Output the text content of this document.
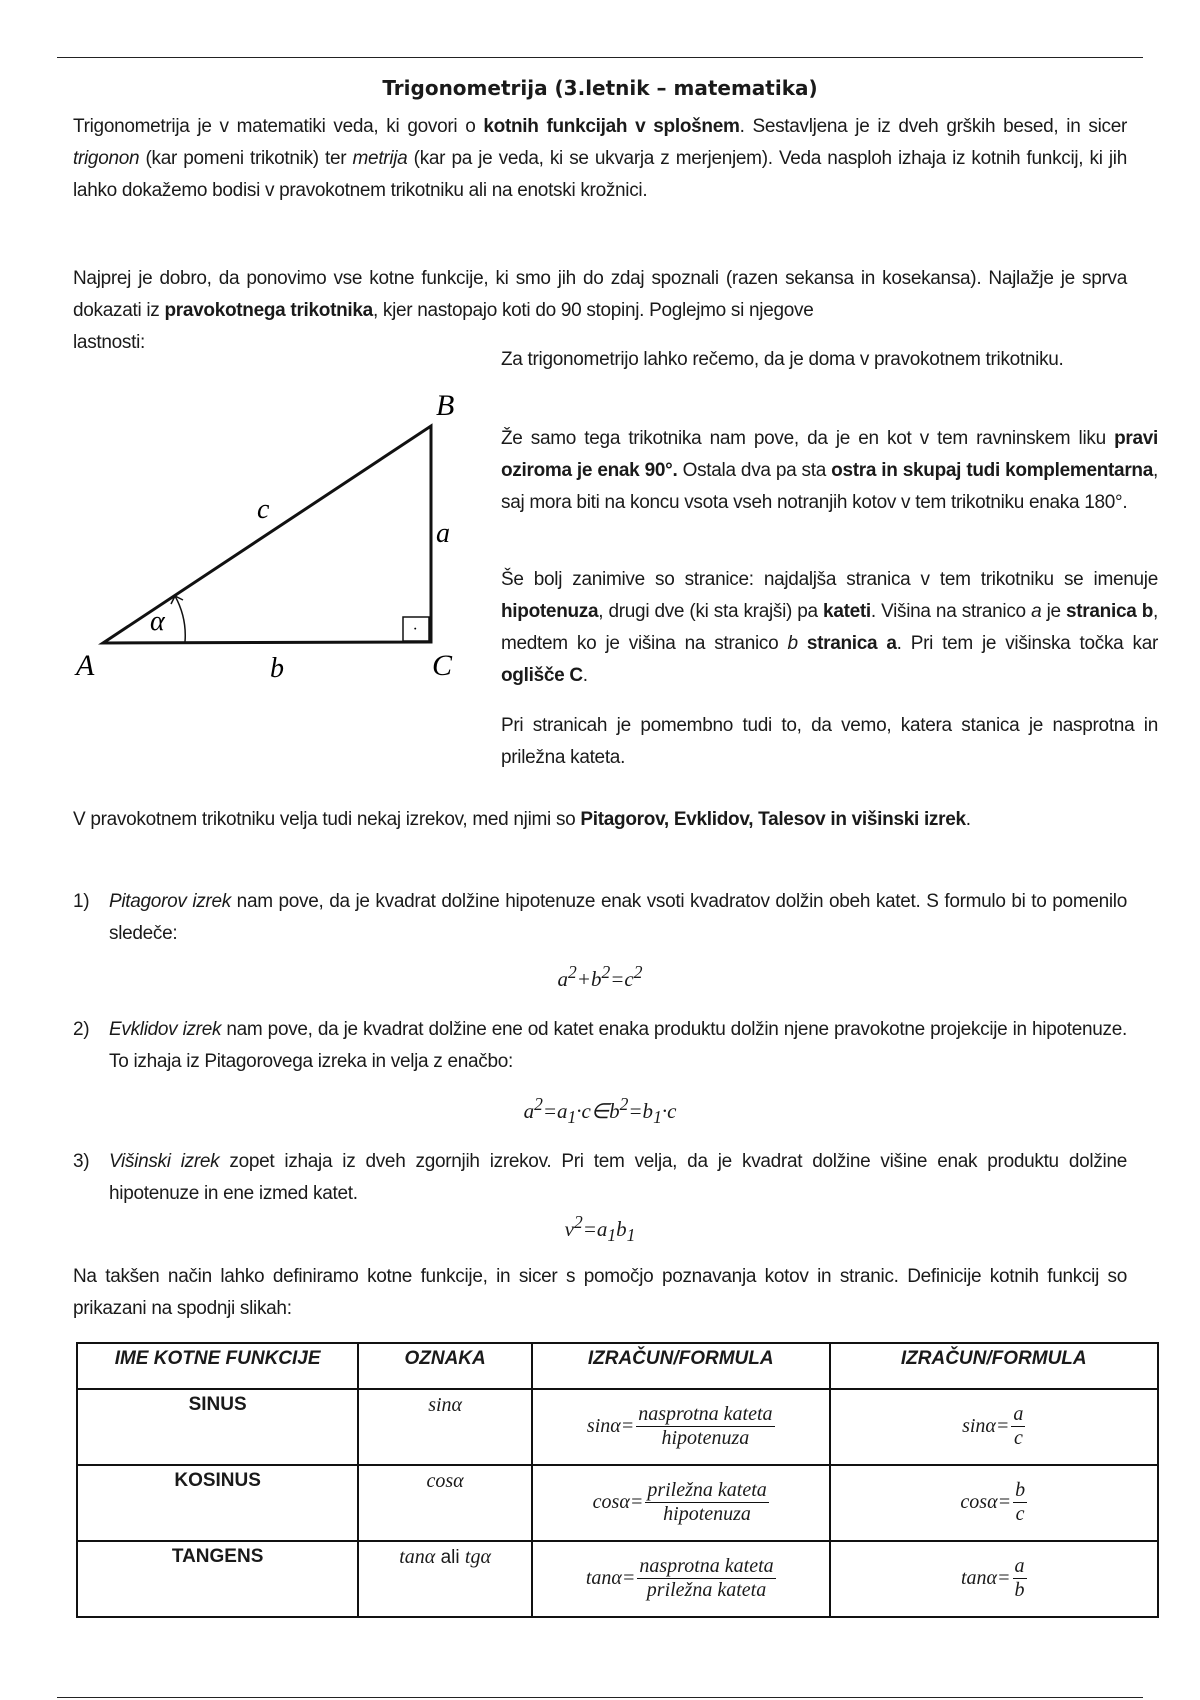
Trigonometrija (3.letnik – matematika)

Trigonometrija je v matematiki veda, ki govori o kotnih funkcijah v splošnem. Sestavljena je iz dveh grških besed, in sicer trigonon (kar pomeni trikotnik) ter metrija (kar pa je veda, ki se ukvarja z merjenjem). Veda nasploh izhaja iz kotnih funkcij, ki jih lahko dokažemo bodisi v pravokotnem trikotniku ali na enotski krožnici.

Najprej je dobro, da ponovimo vse kotne funkcije, ki smo jih do zdaj spoznali (razen sekansa in kosekansa). Najlažje je sprva dokazati iz pravokotnega trikotnika, kjer nastopajo koti do 90 stopinj. Poglejmo si njegove

lastnosti:
·
α
A
B
C
a
b
c
Za trigonometrijo lahko rečemo, da je doma v pravokotnem trikotniku.

Že samo tega trikotnika nam pove, da je en kot v tem ravninskem liku pravi oziroma je enak 90°. Ostala dva pa sta ostra in skupaj tudi komplementarna, saj mora biti na koncu vsota vseh notranjih kotov v tem trikotniku enaka 180°.

Še bolj zanimive so stranice: najdaljša stranica v tem trikotniku se imenuje hipotenuza, drugi dve (ki sta krajši) pa kateti. Višina na stranico a je stranica b, medtem ko je višina na stranico b stranica a. Pri tem je višinska točka kar oglišče C.

Pri stranicah je pomembno tudi to, da vemo, katera stanica je nasprotna in priležna kateta.

V pravokotnem trikotniku velja tudi nekaj izrekov, med njimi so Pitagorov, Evklidov, Talesov in višinski izrek.

1) Pitagorov izrek nam pove, da je kvadrat dolžine hipotenuze enak vsoti kvadratov dolžin obeh katet. S formulo bi to pomenilo sledeče:
$a^2+b^2=c^2$
2) Evklidov izrek nam pove, da je kvadrat dolžine ene od katet enaka produktu dolžin njene pravokotne projekcije in hipotenuze. To izhaja iz Pitagorovega izreka in velja z enačbo:
$a^2=a_1\cdot c\in b^2=b_1\cdot c$
3) Višinski izrek zopet izhaja iz dveh zgornjih izrekov. Pri tem velja, da je kvadrat dolžine višine enak produktu dolžine hipotenuze in ene izmed katet.
$v^2=a_1b_1$
Na takšen način lahko definiramo kotne funkcije, in sicer s pomočjo poznavanja kotov in stranic. Definicije kotnih funkcij so prikazani na spodnji slikah:
IME KOTNE FUNKCIJE	OZNAKA	IZRAČUN/FORMULA	IZRAČUN/FORMULA
SINUS	sinα	$\sin\alpha= \frac{\text{nasprotna kateta}}{\text{hipotenuza}}$	$\sin\alpha= \frac{a}{c}$

KOSINUS	cosα	$\cos\alpha= \frac{\text{priležna kateta}}{\text{hipotenuza}}$	$\cos\alpha= \frac{b}{c}$

TANGENS	tanα ali tgα	$\tan\alpha= \frac{\text{nasprotna kateta}}{\text{priležna kateta}}$	$\tan\alpha= \frac{a}{b}$
